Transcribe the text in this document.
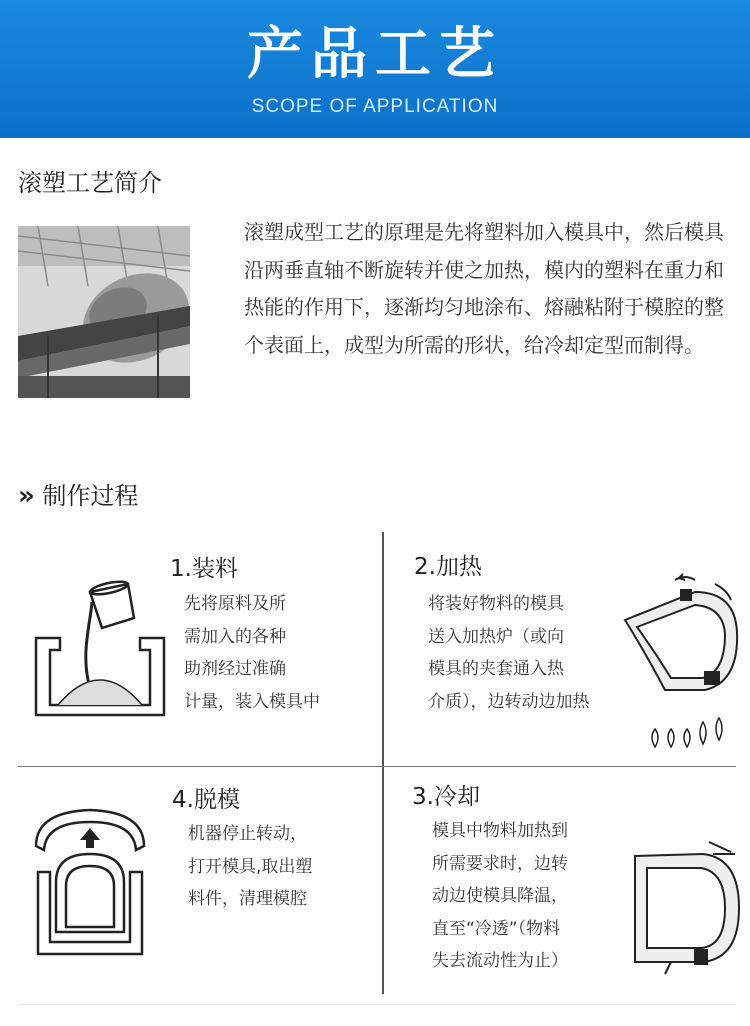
产品工艺
SCOPE OF APPLICATION
滚塑工艺简介
滚塑成型工艺的原理是先将塑料加入模具中，然后模具沿两垂直轴不断旋转并使之加热，模内的塑料在重力和热能的作用下，逐渐均匀地涂布、熔融粘附于模腔的整个表面上，成型为所需的形状，给冷却定型而制得。
» 制作过程
1.装料
先将原料及所
需加入的各种
助剂经过准确
计量，装入模具中
2.加热
将装好物料的模具
送入加热炉（或向
模具的夹套通入热
介质），边转动边加热
4.脱模
机器停止转动，
打开模具,取出塑
料件，清理模腔
3.冷却
模具中物料加热到
所需要求时，边转
动边使模具降温，
直至“冷透”（物料
失去流动性为止）
